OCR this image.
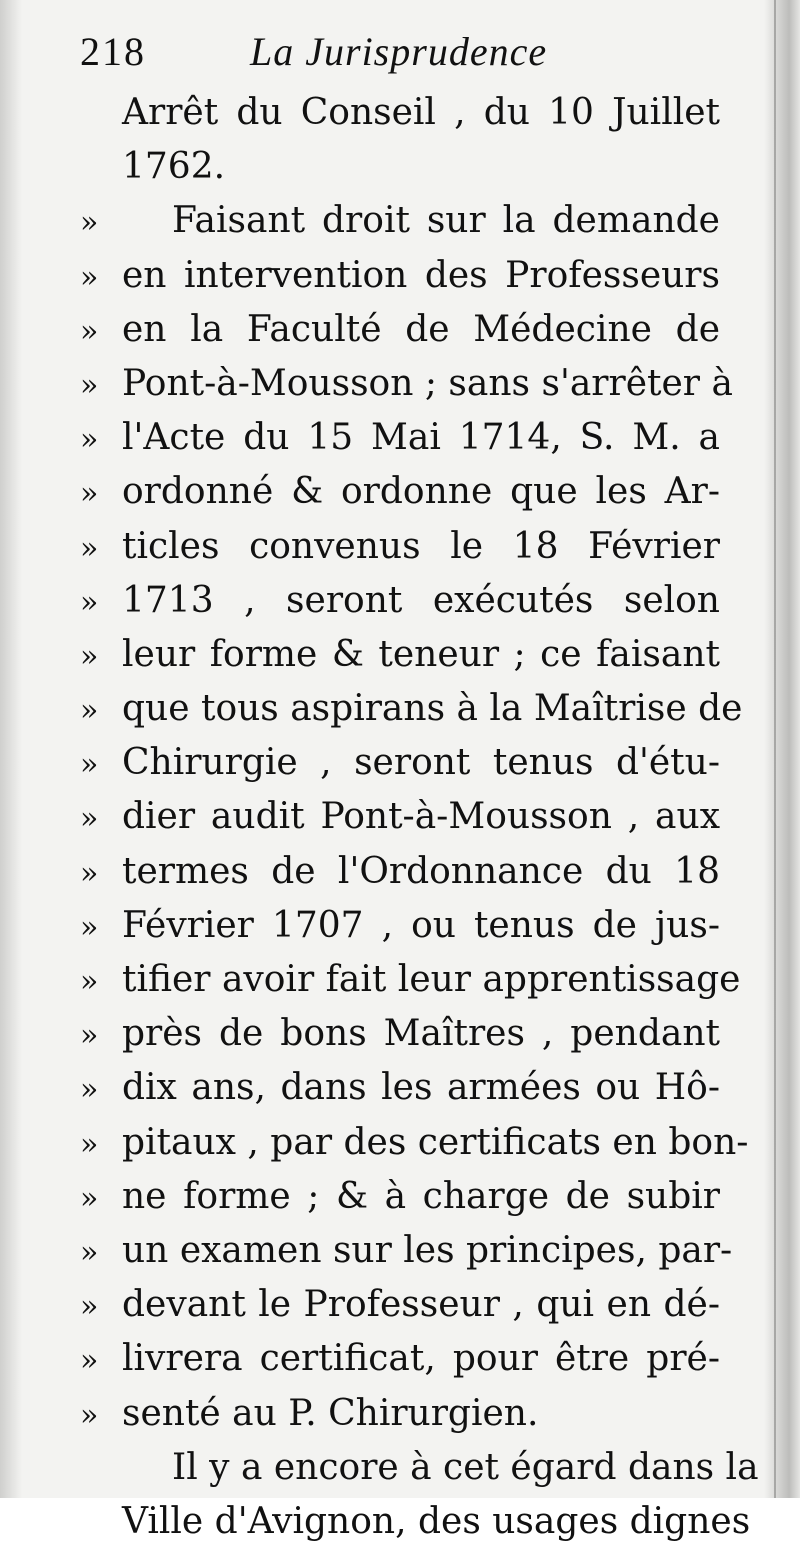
218	La Jurisprudence
Arrêt du Conseil , du 10 Juillet
1762.
»	Faisant droit sur la demande
» en intervention des Professeurs
» en la Faculté de Médecine de
» Pont-à-Mousson ; sans s'arrêter à
» l'Acte du 15 Mai 1714, S. M. a
» ordonné & ordonne que les Ar-
» ticles convenus le 18 Février
» 1713 , seront exécutés selon
» leur forme & teneur ; ce faisant
» que tous aspirans à la Maîtrise de
» Chirurgie , seront tenus d'étu-
» dier audit Pont-à-Mousson , aux
» termes de l'Ordonnance du 18
» Février 1707 , ou tenus de jus-
» tifier avoir fait leur apprentissage
» près de bons Maîtres , pendant
» dix ans, dans les armées ou Hô-
» pitaux , par des certificats en bon-
» ne forme ; & à charge de subir
» un examen sur les principes, par-
» devant le Professeur , qui en dé-
» livrera certificat, pour être pré-
» senté au P. Chirurgien.
Il y a encore à cet égard dans la
Ville d'Avignon, des usages dignes
